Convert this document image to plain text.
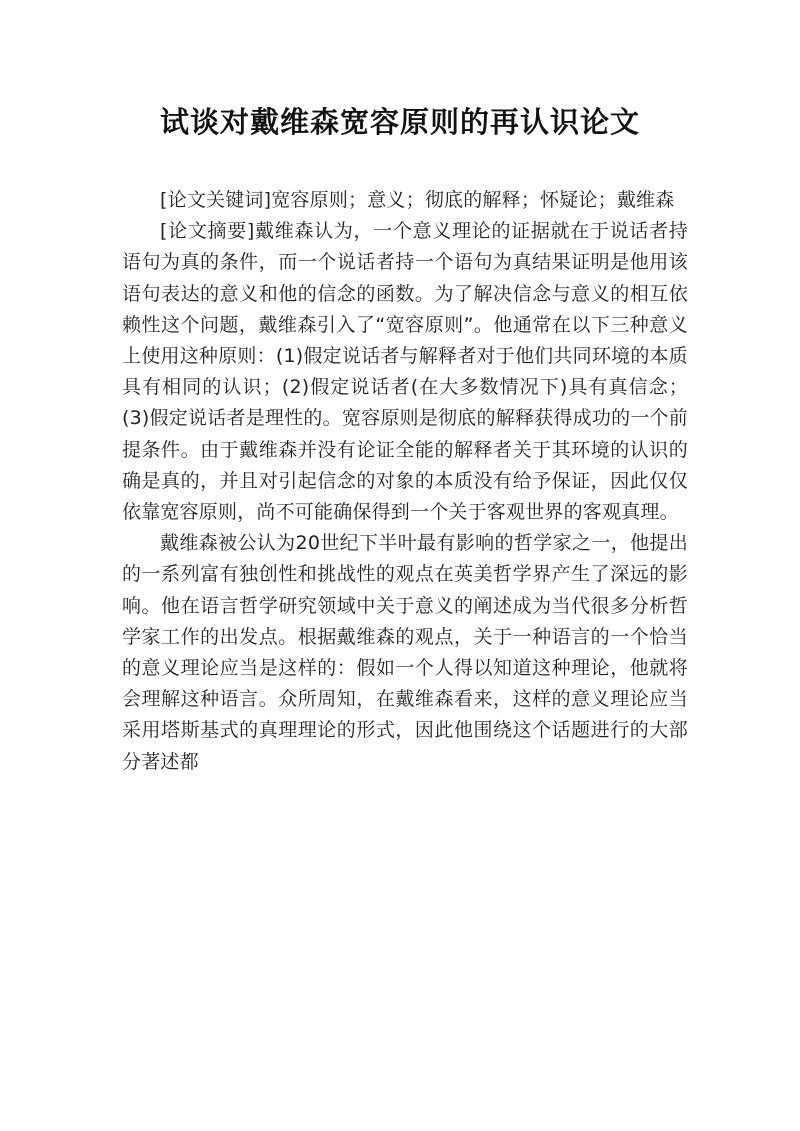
试谈对戴维森宽容原则的再认识论文

[论文关键词]宽容原则；意义；彻底的解释；怀疑论；戴维森

[论文摘要]戴维森认为，一个意义理论的证据就在于说话者持语句为真的条件，而一个说话者持一个语句为真结果证明是他用该语句表达的意义和他的信念的函数。为了解决信念与意义的相互依赖性这个问题，戴维森引入了“宽容原则”。他通常在以下三种意义上使用这种原则：(1)假定说话者与解释者对于他们共同环境的本质具有相同的认识；(2)假定说话者(在大多数情况下)具有真信念；(3)假定说话者是理性的。宽容原则是彻底的解释获得成功的一个前提条件。由于戴维森并没有论证全能的解释者关于其环境的认识的确是真的，并且对引起信念的对象的本质没有给予保证，因此仅仅依靠宽容原则，尚不可能确保得到一个关于客观世界的客观真理。

戴维森被公认为20世纪下半叶最有影响的哲学家之一，他提出的一系列富有独创性和挑战性的观点在英美哲学界产生了深远的影响。他在语言哲学研究领域中关于意义的阐述成为当代很多分析哲学家工作的出发点。根据戴维森的观点，关于一种语言的一个恰当的意义理论应当是这样的：假如一个人得以知道这种理论，他就将会理解这种语言。众所周知，在戴维森看来，这样的意义理论应当采用塔斯基式的真理理论的形式，因此他围绕这个话题进行的大部分著述都
